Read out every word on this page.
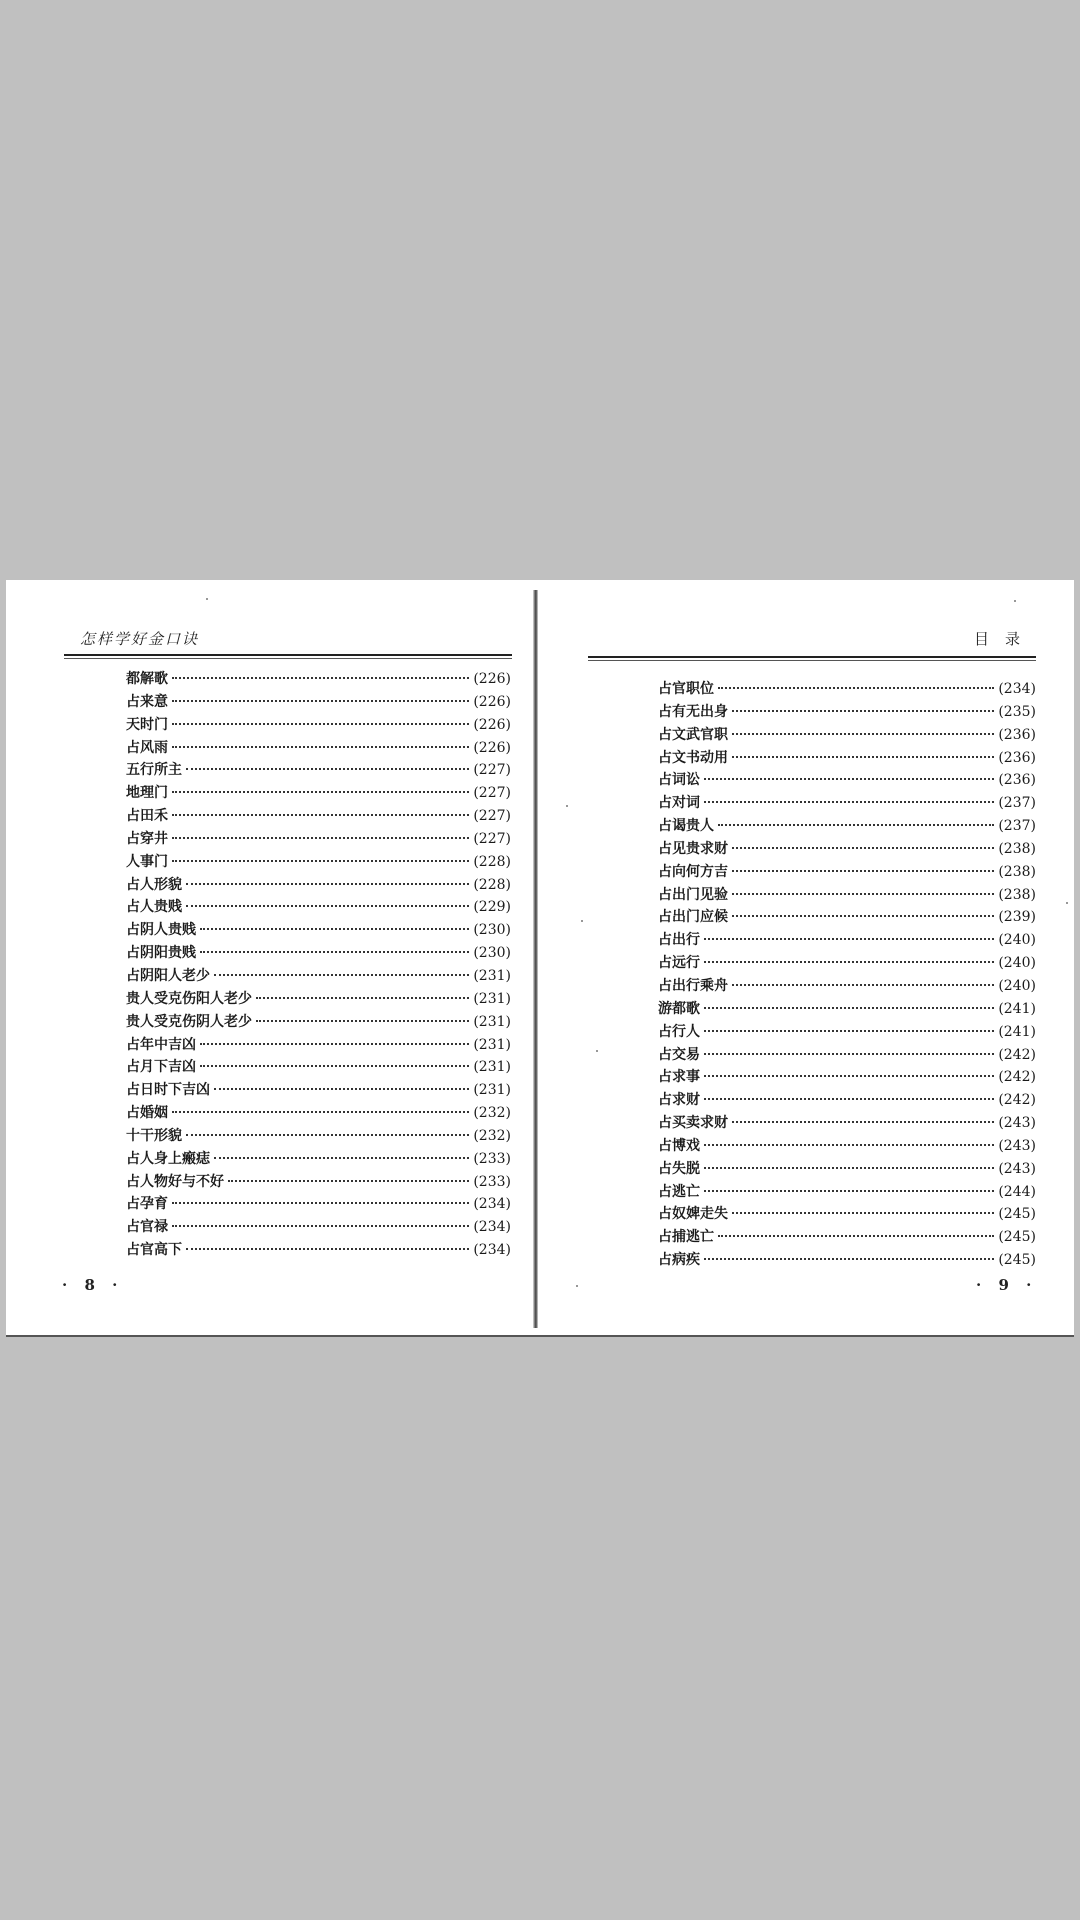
怎样学好金口诀
都解歌	(226)
占来意	(226)
天时门	(226)
占风雨	(226)
五行所主	(227)
地理门	(227)
占田禾	(227)
占穿井	(227)
人事门	(228)
占人形貌	(228)
占人贵贱	(229)
占阴人贵贱	(230)
占阴阳贵贱	(230)
占阴阳人老少	(231)
贵人受克伤阳人老少	(231)
贵人受克伤阴人老少	(231)
占年中吉凶	(231)
占月下吉凶	(231)
占日时下吉凶	(231)
占婚姻	(232)
十干形貌	(232)
占人身上瘢痣	(233)
占人物好与不好	(233)
占孕育	(234)
占官禄	(234)
占官高下	(234)
· 8 ·
目录
占官职位	(234)
占有无出身	(235)
占文武官职	(236)
占文书动用	(236)
占词讼	(236)
占对词	(237)
占谒贵人	(237)
占见贵求财	(238)
占向何方吉	(238)
占出门见验	(238)
占出门应候	(239)
占出行	(240)
占远行	(240)
占出行乘舟	(240)
游都歌	(241)
占行人	(241)
占交易	(242)
占求事	(242)
占求财	(242)
占买卖求财	(243)
占博戏	(243)
占失脱	(243)
占逃亡	(244)
占奴婢走失	(245)
占捕逃亡	(245)
占病疾	(245)
· 9 ·
